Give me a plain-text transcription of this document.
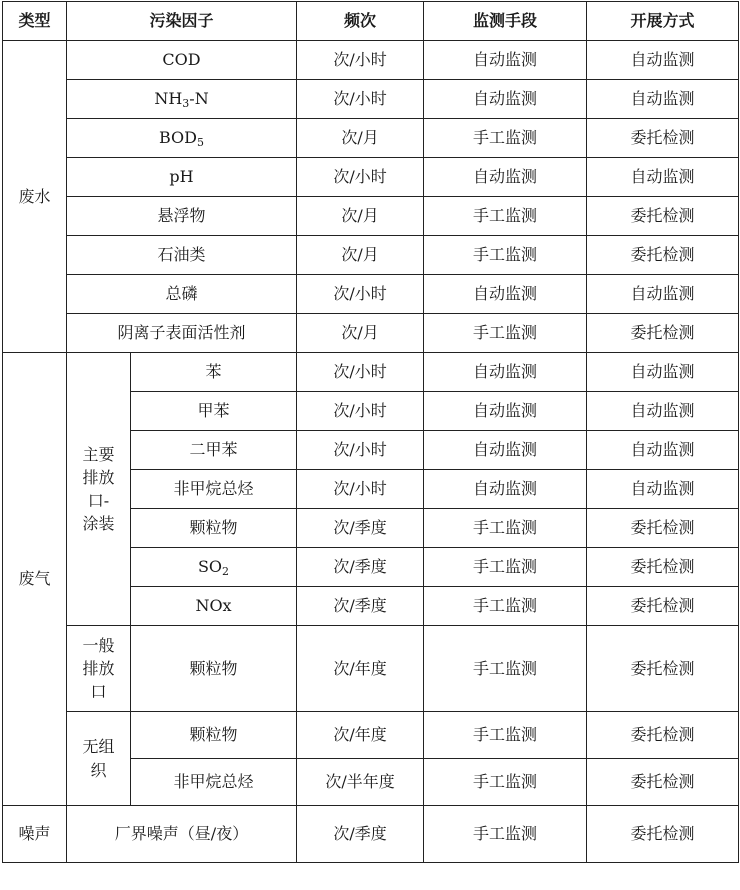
类型	污染因子		频次	监测手段	开展方式
废水	COD		次/小时	自动监测	自动监测
	$NH_3-N$		次/小时	自动监测	自动监测
	$BOD_5$		次/月	手工监测	委托检测
	pH		次/小时	自动监测	自动监测
	悬浮物		次/月	手工监测	委托检测
	石油类		次/月	手工监测	委托检测
	总磷		次/小时	自动监测	自动监测
	阴离子表面活性剂		次/月	手工监测	委托检测
废气	主要排放口-涂装	苯	次/小时	自动监测	自动监测
		甲苯	次/小时	自动监测	自动监测
		二甲苯	次/小时	自动监测	自动监测
		非甲烷总烃	次/小时	自动监测	自动监测
		颗粒物	次/季度	手工监测	委托检测
		$SO_2$	次/季度	手工监测	委托检测
		NOx	次/季度	手工监测	委托检测
	一般排放口	颗粒物	次/年度	手工监测	委托检测
	无组织	颗粒物	次/年度	手工监测	委托检测
		非甲烷总烃	次/半年度	手工监测	委托检测
噪声	厂界噪声（昼/夜）		次/季度	手工监测	委托检测
